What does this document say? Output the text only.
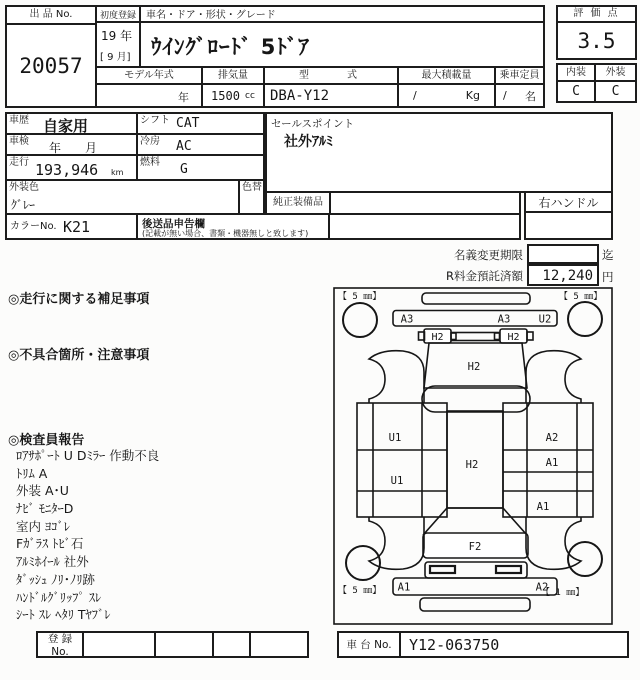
出 品 No.
20057
初度登録
19 年
[ 9 月]
車名・ドア・形状・グレード
ｳｲﾝｸﾞﾛｰﾄﾞ 5ﾄﾞｱ
モデル年式
年
排気量
1500
cc
型　　式
DBA-Y12
最大積載量
/	Kg
乗車定員
/ 名
評 価 点
3.5
内装	外装
C	C
車歴 自家用	シフト CAT
車検 年　　月	冷房 AC
走行 193,946 km
燃料 G
外装色
ｸﾞﾚｰ
色替
カラーNo. K21	後送品申告欄
(記載が無い場合、書類・機器無しと致します)
セールスポイント
社外ｱﾙﾐ
純正装備品	右ハンドル
名義変更期限	迄
R料金預託済額 12,240 円
◎走行に関する補足事項
◎不具合箇所・注意事項
◎検査員報告
ﾛｱｻﾎﾟｰﾄ U Dﾐﾗｰ 作動不良
ﾄﾘﾑ A
外装 A･U
ﾅﾋﾞ ﾓﾆﾀｰD
室内 ﾖｺﾞﾚ
Fｶﾞﾗｽ ﾄﾋﾞ石
ｱﾙﾐﾎｲｰﾙ 社外
ﾀﾞｯｼｭ ﾉﾘ･ﾉﾘ跡
ﾊﾝﾄﾞﾙｸﾞﾘｯﾌﾟ ｽﾚ
ｼｰﾄ ｽﾚ ﾍﾀﾘ Tﾔﾌﾞﾚ
【 5 ㎜】	【 5 ㎜】
【 5 ㎜】	【 1 ㎜】
A3	A3	U2
H2	H2
H2
H2
U1
U1
A2
A1
A1
F2
A1	A2
登 録 No.
車 台 No.	Y12-063750
